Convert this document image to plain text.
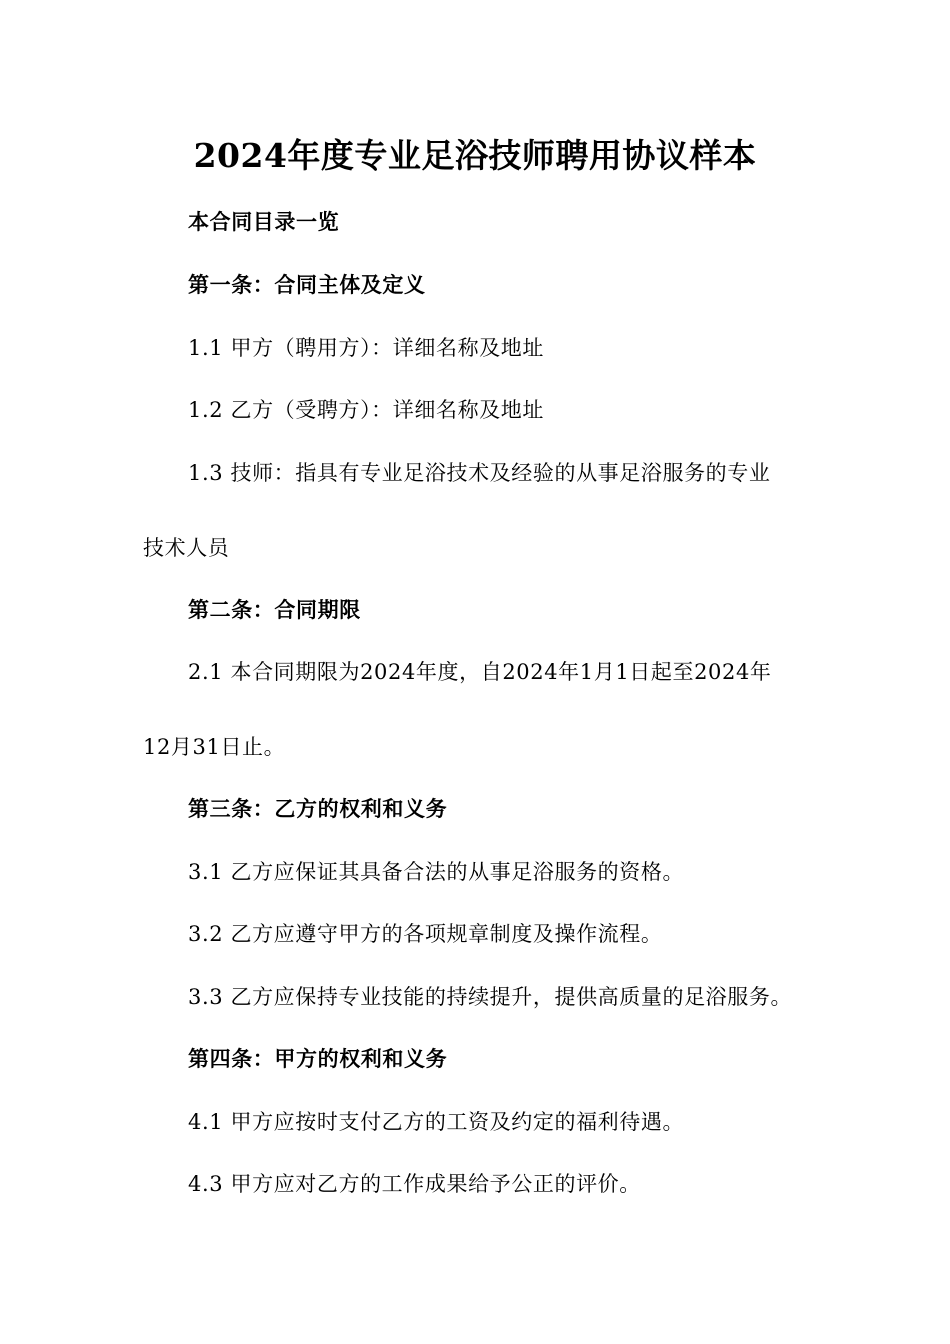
2024年度专业足浴技师聘用协议样本
本合同目录一览
第一条：合同主体及定义
1.1 甲方（聘用方）：详细名称及地址
1.2 乙方（受聘方）：详细名称及地址
1.3 技师：指具有专业足浴技术及经验的从事足浴服务的专业
技术人员
第二条：合同期限
2.1 本合同期限为2024年度，自2024年1月1日起至2024年
12月31日止。
第三条：乙方的权利和义务
3.1 乙方应保证其具备合法的从事足浴服务的资格。
3.2 乙方应遵守甲方的各项规章制度及操作流程。
3.3 乙方应保持专业技能的持续提升，提供高质量的足浴服务。
第四条：甲方的权利和义务
4.1 甲方应按时支付乙方的工资及约定的福利待遇。
4.3 甲方应对乙方的工作成果给予公正的评价。
